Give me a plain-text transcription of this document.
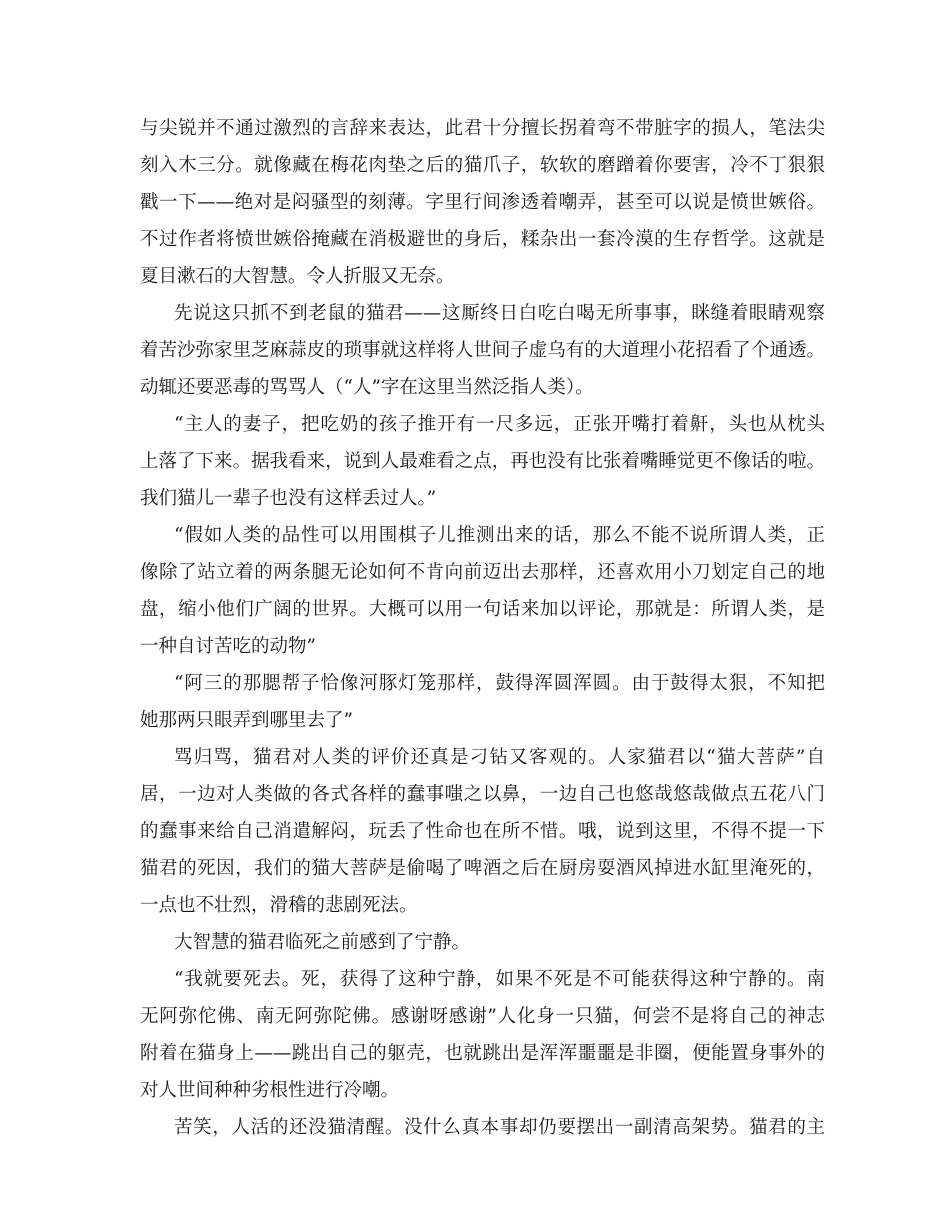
与尖锐并不通过激烈的言辞来表达，此君十分擅长拐着弯不带脏字的损人，笔法尖
刻入木三分。就像藏在梅花肉垫之后的猫爪子，软软的磨蹭着你要害，冷不丁狠狠
戳一下——绝对是闷骚型的刻薄。字里行间渗透着嘲弄，甚至可以说是愤世嫉俗。
不过作者将愤世嫉俗掩藏在消极避世的身后，糅杂出一套冷漠的生存哲学。这就是
夏目漱石的大智慧。令人折服又无奈。
先说这只抓不到老鼠的猫君——这厮终日白吃白喝无所事事，眯缝着眼睛观察
着苦沙弥家里芝麻蒜皮的琐事就这样将人世间子虚乌有的大道理小花招看了个通透。
动辄还要恶毒的骂骂人（“人”字在这里当然泛指人类）。
“主人的妻子，把吃奶的孩子推开有一尺多远，正张开嘴打着鼾，头也从枕头
上落了下来。据我看来，说到人最难看之点，再也没有比张着嘴睡觉更不像话的啦。
我们猫儿一辈子也没有这样丢过人。”
“假如人类的品性可以用围棋子儿推测出来的话，那么不能不说所谓人类，正
像除了站立着的两条腿无论如何不肯向前迈出去那样，还喜欢用小刀划定自己的地
盘，缩小他们广阔的世界。大概可以用一句话来加以评论，那就是：所谓人类，是
一种自讨苦吃的动物”
“阿三的那腮帮子恰像河豚灯笼那样，鼓得浑圆浑圆。由于鼓得太狠，不知把
她那两只眼弄到哪里去了”
骂归骂，猫君对人类的评价还真是刁钻又客观的。人家猫君以“猫大菩萨”自
居，一边对人类做的各式各样的蠢事嗤之以鼻，一边自己也悠哉悠哉做点五花八门
的蠢事来给自己消遣解闷，玩丢了性命也在所不惜。哦，说到这里，不得不提一下
猫君的死因，我们的猫大菩萨是偷喝了啤酒之后在厨房耍酒风掉进水缸里淹死的，
一点也不壮烈，滑稽的悲剧死法。
大智慧的猫君临死之前感到了宁静。
“我就要死去。死，获得了这种宁静，如果不死是不可能获得这种宁静的。南
无阿弥佗佛、南无阿弥陀佛。感谢呀感谢”人化身一只猫，何尝不是将自己的神志
附着在猫身上——跳出自己的躯壳，也就跳出是浑浑噩噩是非圈，便能置身事外的
对人世间种种劣根性进行冷嘲。
苦笑，人活的还没猫清醒。没什么真本事却仍要摆出一副清高架势。猫君的主
